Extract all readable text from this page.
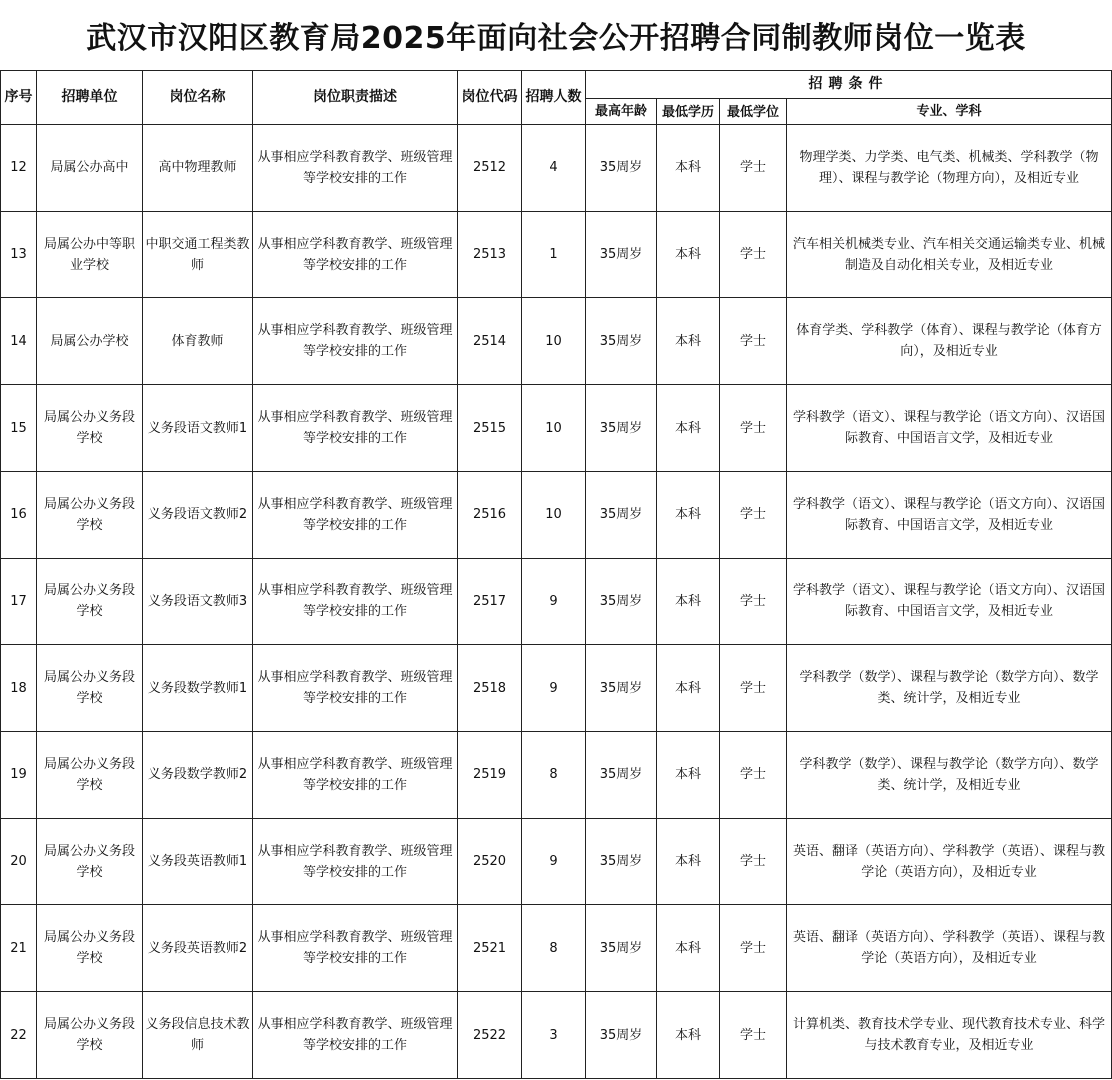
武汉市汉阳区教育局2025年面向社会公开招聘合同制教师岗位一览表
序号	招聘单位	岗位名称	岗位职责描述	岗位代码	招聘人数	招聘条件			
						最高年龄	最低学历	最低学位	专业、学科
12	局属公办高中	高中物理教师	从事相应学科教育教学、班级管理等学校安排的工作	2512	4	35周岁	本科	学士	物理学类、力学类、电气类、机械类、学科教学（物理）、课程与教学论（物理方向），及相近专业
13	局属公办中等职业学校	中职交通工程类教师	从事相应学科教育教学、班级管理等学校安排的工作	2513	1	35周岁	本科	学士	汽车相关机械类专业、汽车相关交通运输类专业、机械制造及自动化相关专业，及相近专业
14	局属公办学校	体育教师	从事相应学科教育教学、班级管理等学校安排的工作	2514	10	35周岁	本科	学士	体育学类、学科教学（体育）、课程与教学论（体育方向），及相近专业
15	局属公办义务段学校	义务段语文教师1	从事相应学科教育教学、班级管理等学校安排的工作	2515	10	35周岁	本科	学士	学科教学（语文）、课程与教学论（语文方向）、汉语国际教育、中国语言文学，及相近专业
16	局属公办义务段学校	义务段语文教师2	从事相应学科教育教学、班级管理等学校安排的工作	2516	10	35周岁	本科	学士	学科教学（语文）、课程与教学论（语文方向）、汉语国际教育、中国语言文学，及相近专业
17	局属公办义务段学校	义务段语文教师3	从事相应学科教育教学、班级管理等学校安排的工作	2517	9	35周岁	本科	学士	学科教学（语文）、课程与教学论（语文方向）、汉语国际教育、中国语言文学，及相近专业
18	局属公办义务段学校	义务段数学教师1	从事相应学科教育教学、班级管理等学校安排的工作	2518	9	35周岁	本科	学士	学科教学（数学）、课程与教学论（数学方向）、数学类、统计学，及相近专业
19	局属公办义务段学校	义务段数学教师2	从事相应学科教育教学、班级管理等学校安排的工作	2519	8	35周岁	本科	学士	学科教学（数学）、课程与教学论（数学方向）、数学类、统计学，及相近专业
20	局属公办义务段学校	义务段英语教师1	从事相应学科教育教学、班级管理等学校安排的工作	2520	9	35周岁	本科	学士	英语、翻译（英语方向）、学科教学（英语）、课程与教学论（英语方向），及相近专业
21	局属公办义务段学校	义务段英语教师2	从事相应学科教育教学、班级管理等学校安排的工作	2521	8	35周岁	本科	学士	英语、翻译（英语方向）、学科教学（英语）、课程与教学论（英语方向），及相近专业
22	局属公办义务段学校	义务段信息技术教师	从事相应学科教育教学、班级管理等学校安排的工作	2522	3	35周岁	本科	学士	计算机类、教育技术学专业、现代教育技术专业、科学与技术教育专业，及相近专业
